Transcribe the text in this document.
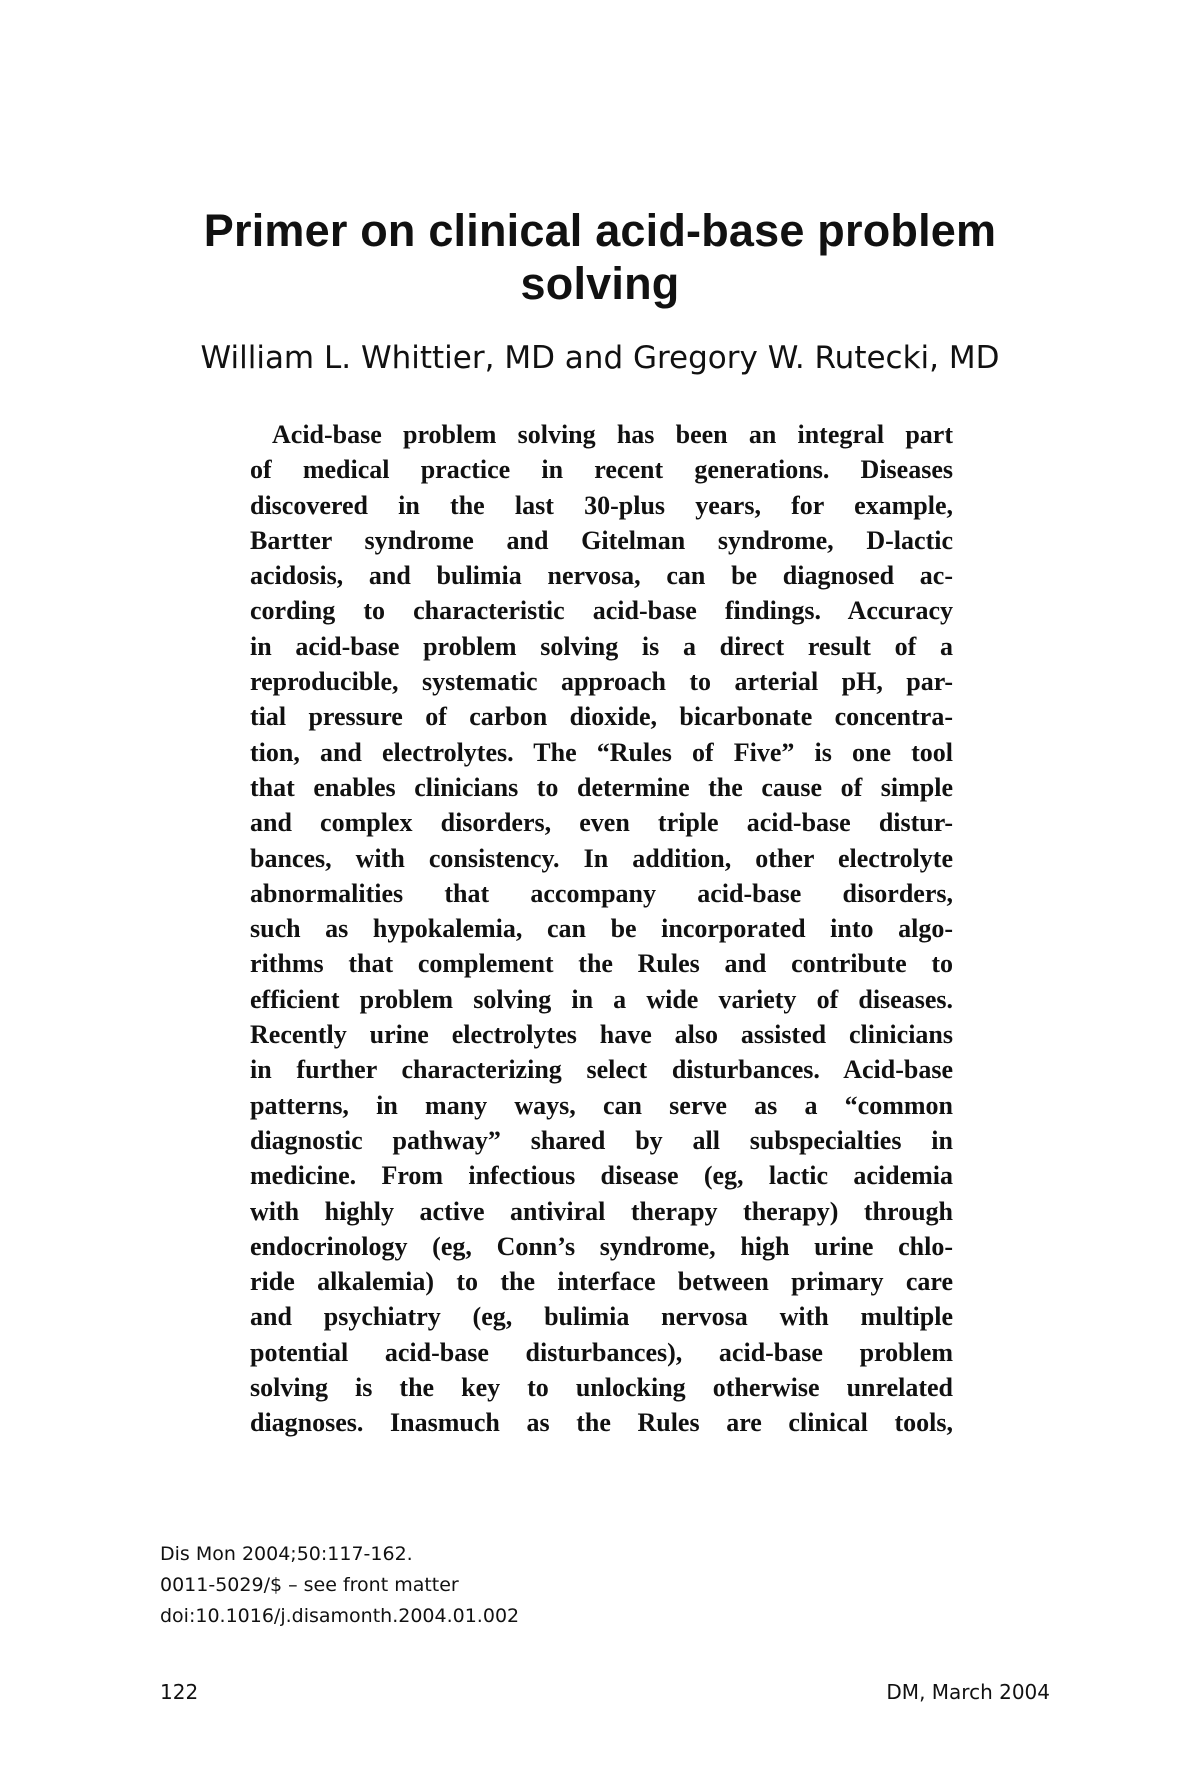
Primer on clinical acid-base problem
solving

William L. Whittier, MD and Gregory W. Rutecki, MD

Acid-base problem solving has been an integral part
of medical practice in recent generations. Diseases
discovered in the last 30-plus years, for example,
Bartter syndrome and Gitelman syndrome, D-lactic
acidosis, and bulimia nervosa, can be diagnosed ac-
cording to characteristic acid-base findings. Accuracy
in acid-base problem solving is a direct result of a
reproducible, systematic approach to arterial pH, par-
tial pressure of carbon dioxide, bicarbonate concentra-
tion, and electrolytes. The “Rules of Five” is one tool
that enables clinicians to determine the cause of simple
and complex disorders, even triple acid-base distur-
bances, with consistency. In addition, other electrolyte
abnormalities that accompany acid-base disorders,
such as hypokalemia, can be incorporated into algo-
rithms that complement the Rules and contribute to
efficient problem solving in a wide variety of diseases.
Recently urine electrolytes have also assisted clinicians
in further characterizing select disturbances. Acid-base
patterns, in many ways, can serve as a “common
diagnostic pathway” shared by all subspecialties in
medicine. From infectious disease (eg, lactic acidemia
with highly active antiviral therapy therapy) through
endocrinology (eg, Conn’s syndrome, high urine chlo-
ride alkalemia) to the interface between primary care
and psychiatry (eg, bulimia nervosa with multiple
potential acid-base disturbances), acid-base problem
solving is the key to unlocking otherwise unrelated
diagnoses. Inasmuch as the Rules are clinical tools,
Dis Mon 2004;50:117-162.
0011-5029/$ – see front matter
doi:10.1016/j.disamonth.2004.01.002
122	DM, March 2004
